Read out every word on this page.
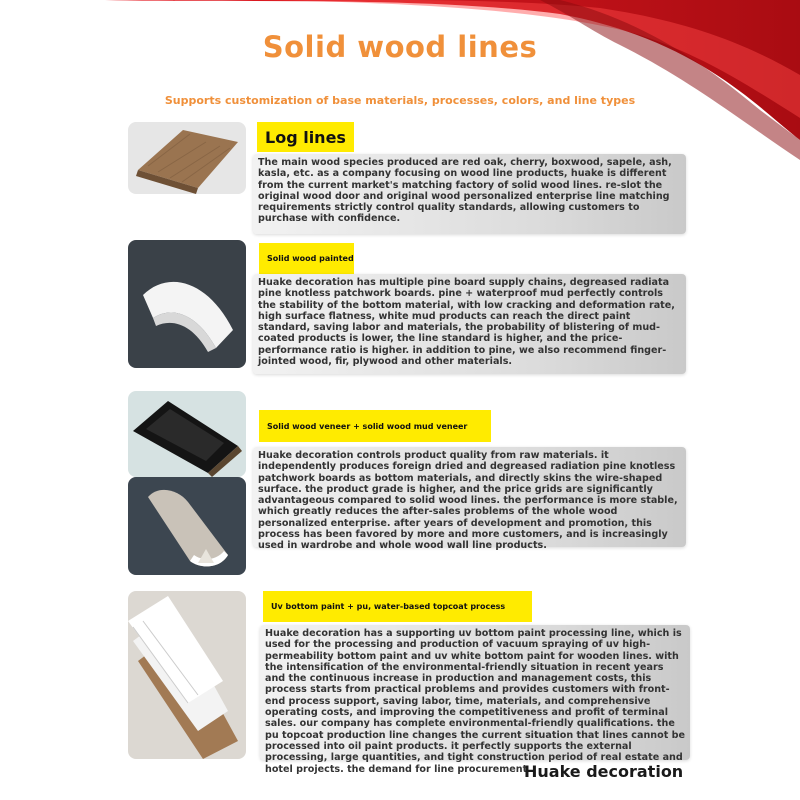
Solid wood lines
Supports customization of base materials, processes, colors, and line types
Log lines
The main wood species produced are red oak, cherry, boxwood, sapele, ash, kasla, etc. as a company focusing on wood line products, huake is different from the current market's matching factory of solid wood lines. re-slot the original wood door and original wood personalized enterprise line matching requirements strictly control quality standards, allowing customers to purchase with confidence.
Solid wood painted
Huake decoration has multiple pine board supply chains, degreased radiata pine knotless patchwork boards. pine + waterproof mud perfectly controls the stability of the bottom material, with low cracking and deformation rate, high surface flatness, white mud products can reach the direct paint standard, saving labor and materials, the probability of blistering of mud-coated products is lower, the line standard is higher, and the price-performance ratio is higher. in addition to pine, we also recommend finger-jointed wood, fir, plywood and other materials.
Solid wood veneer + solid wood mud veneer
Huake decoration controls product quality from raw materials. it independently produces foreign dried and degreased radiation pine knotless patchwork boards as bottom materials, and directly skins the wire-shaped surface. the product grade is higher, and the price grids are significantly advantageous compared to solid wood lines. the performance is more stable, which greatly reduces the after-sales problems of the whole wood personalized enterprise. after years of development and promotion, this process has been favored by more and more customers, and is increasingly used in wardrobe and whole wood wall line products.
Uv bottom paint + pu, water-based topcoat process
Huake decoration has a supporting uv bottom paint processing line, which is used for the processing and production of vacuum spraying of uv high-permeability bottom paint and uv white bottom paint for wooden lines. with the intensification of the environmental-friendly situation in recent years and the continuous increase in production and management costs, this process starts from practical problems and provides customers with front-end process support, saving labor, time, materials, and comprehensive operating costs, and improving the competitiveness and profit of terminal sales. our company has complete environmental-friendly qualifications. the pu topcoat production line changes the current situation that lines cannot be processed into oil paint products. it perfectly supports the external processing, large quantities, and tight construction period of real estate and hotel projects. the demand for line procurement.
Huake decoration
